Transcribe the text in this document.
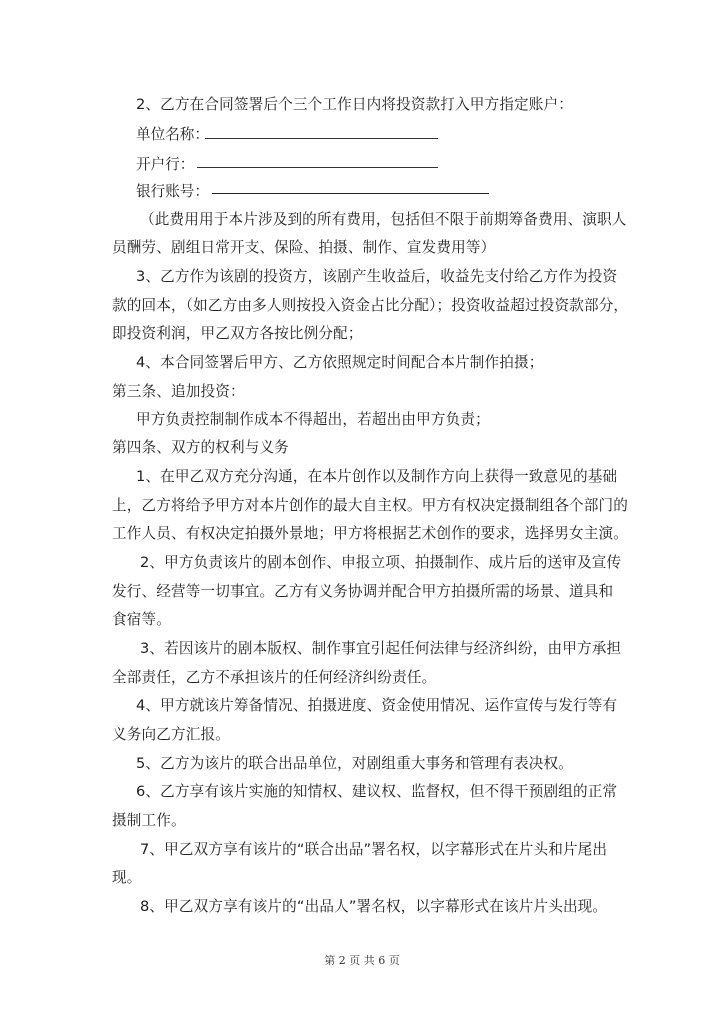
2、乙方在合同签署后个三个工作日内将投资款打入甲方指定账户：
单位名称：
开户行：
银行账号：
（此费用用于本片涉及到的所有费用，包括但不限于前期筹备费用、演职人
员酬劳、剧组日常开支、保险、拍摄、制作、宣发费用等）
3、乙方作为该剧的投资方，该剧产生收益后，收益先支付给乙方作为投资
款的回本，（如乙方由多人则按投入资金占比分配）；投资收益超过投资款部分，
即投资利润，甲乙双方各按比例分配；
4、本合同签署后甲方、乙方依照规定时间配合本片制作拍摄；
第三条、追加投资：
甲方负责控制制作成本不得超出，若超出由甲方负责；
第四条、双方的权利与义务
1、在甲乙双方充分沟通，在本片创作以及制作方向上获得一致意见的基础
上，乙方将给予甲方对本片创作的最大自主权。甲方有权决定摄制组各个部门的
工作人员、有权决定拍摄外景地；甲方将根据艺术创作的要求，选择男女主演。
2、甲方负责该片的剧本创作、申报立项、拍摄制作、成片后的送审及宣传
发行、经营等一切事宜。乙方有义务协调并配合甲方拍摄所需的场景、道具和
食宿等。
3、若因该片的剧本版权、制作事宜引起任何法律与经济纠纷，由甲方承担
全部责任，乙方不承担该片的任何经济纠纷责任。
4、甲方就该片筹备情况、拍摄进度、资金使用情况、运作宣传与发行等有
义务向乙方汇报。
5、乙方为该片的联合出品单位，对剧组重大事务和管理有表决权。
6、乙方享有该片实施的知情权、建议权、监督权，但不得干预剧组的正常
摄制工作。
7、甲乙双方享有该片的“联合出品”署名权，以字幕形式在片头和片尾出
现。
8、甲乙双方享有该片的“出品人”署名权，以字幕形式在该片片头出现。
第 2 页 共 6 页
